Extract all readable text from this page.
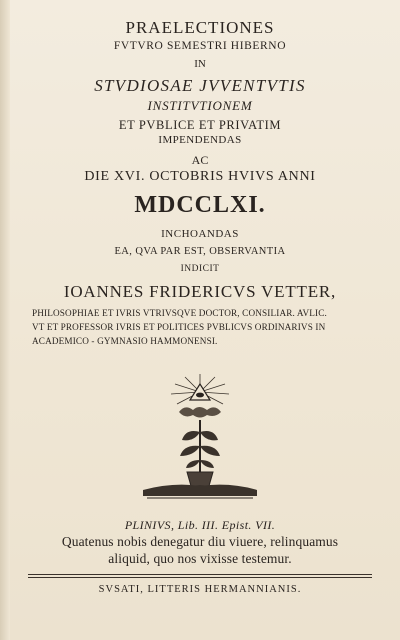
PRAELECTIONES
FVTVRO SEMESTRI HIBERNO
IN
STVDIOSAE JVVENTVTIS
INSTITVTIONEM
ET PVBLICE ET PRIVATIM
IMPENDENDAS
AC
DIE XVI. OCTOBRIS HVIVS ANNI
MDCCLXI.
INCHOANDAS
EA, QVA PAR EST, OBSERVANTIA
INDICIT
IOANNES FRIDERICVS VETTER,
PHILOSOPHIAE ET IVRIS VTRIVSQVE DOCTOR, CONSILIAR. AVLIC.
VT ET PROFESSOR IVRIS ET POLITICES PVBLICVS ORDINARIVS IN
ACADEMICO - GYMNASIO HAMMONENSI.
PLINIVS, Lib. III. Epist. VII.
Quatenus nobis denegatur diu viuere, relinquamus
aliquid, quo nos vixisse testemur.
SVSATI, LITTERIS HERMANNIANIS.
